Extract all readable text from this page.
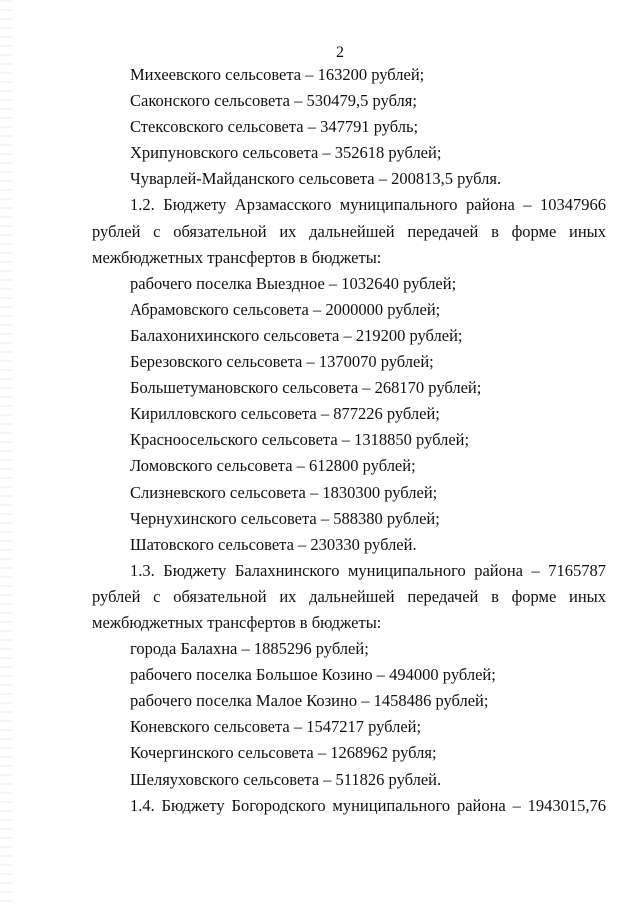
2
Михеевского сельсовета – 163200 рублей;
Саконского сельсовета – 530479,5 рубля;
Стексовского сельсовета – 347791 рубль;
Хрипуновского сельсовета – 352618 рублей;
Чуварлей-Майданского сельсовета – 200813,5 рубля.
1.2. Бюджету Арзамасского муниципального района – 10347966
рублей с обязательной их дальнейшей передачей в форме иных
межбюджетных трансфертов в бюджеты:
рабочего поселка Выездное – 1032640 рублей;
Абрамовского сельсовета – 2000000 рублей;
Балахонихинского сельсовета – 219200 рублей;
Березовского сельсовета – 1370070 рублей;
Большетумановского сельсовета – 268170 рублей;
Кирилловского сельсовета – 877226 рублей;
Красноосельского сельсовета – 1318850 рублей;
Ломовского сельсовета – 612800 рублей;
Слизневского сельсовета – 1830300 рублей;
Чернухинского сельсовета – 588380 рублей;
Шатовского сельсовета – 230330 рублей.
1.3. Бюджету Балахнинского муниципального района – 7165787
рублей с обязательной их дальнейшей передачей в форме иных
межбюджетных трансфертов в бюджеты:
города Балахна – 1885296 рублей;
рабочего поселка Большое Козино – 494000 рублей;
рабочего поселка Малое Козино – 1458486 рублей;
Коневского сельсовета – 1547217 рублей;
Кочергинского сельсовета – 1268962 рубля;
Шеляуховского сельсовета – 511826 рублей.
1.4. Бюджету Богородского муниципального района – 1943015,76
